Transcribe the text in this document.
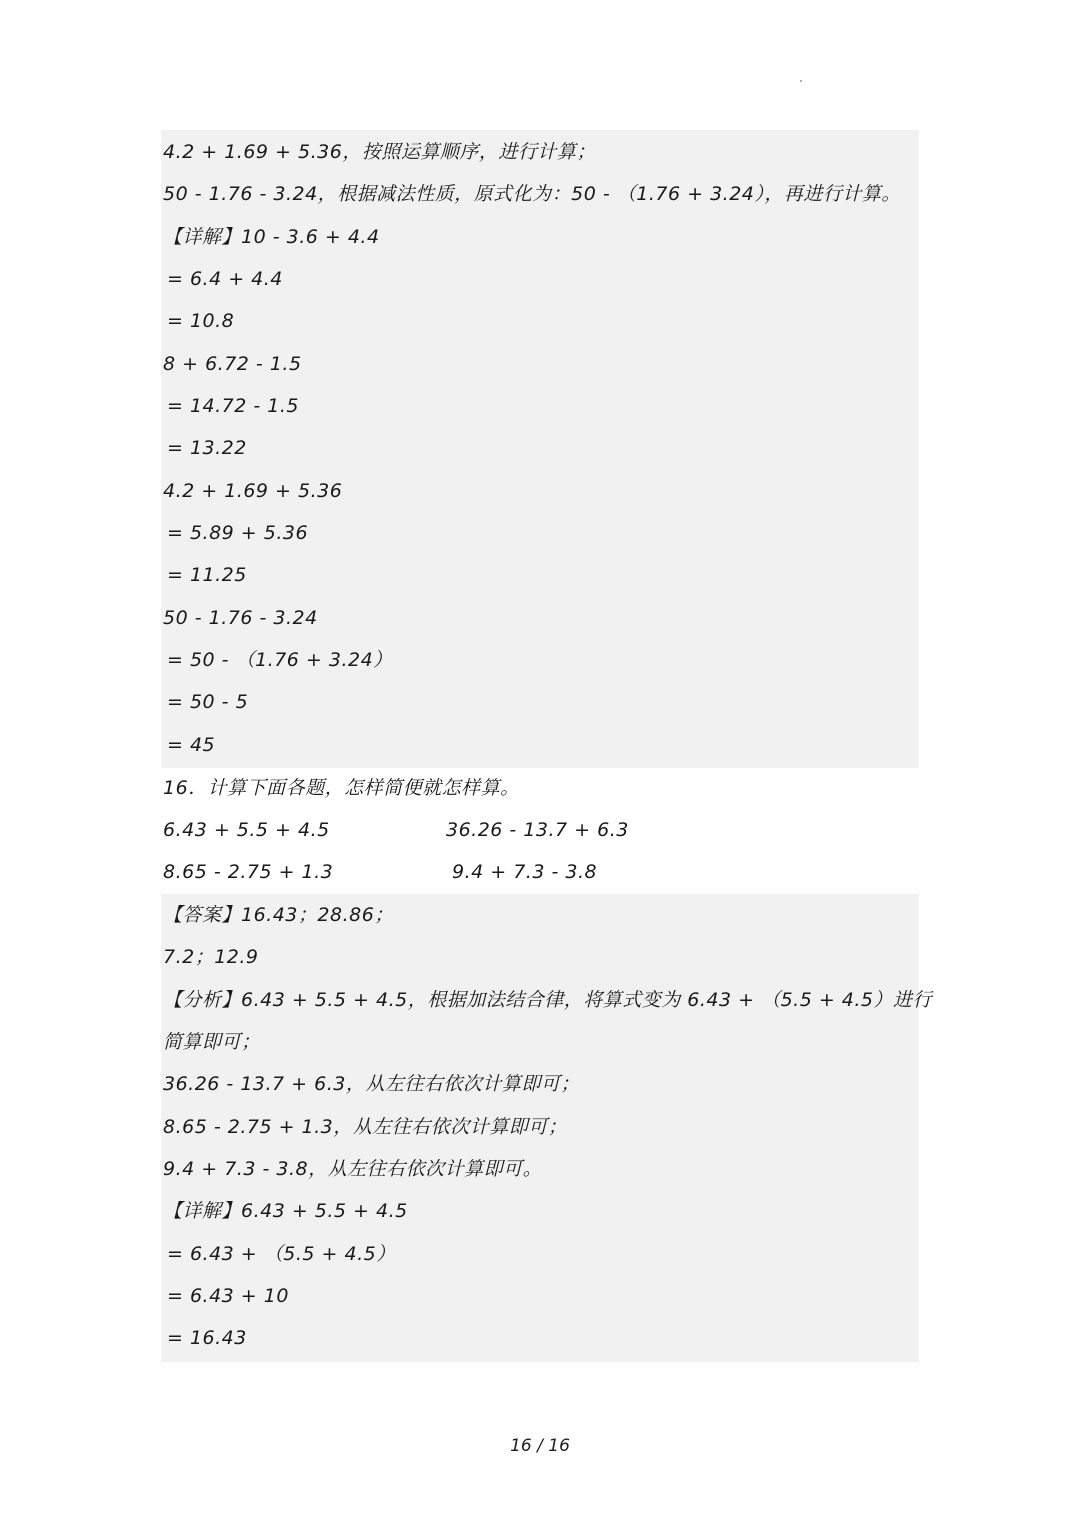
4.2 + 1.69 + 5.36，按照运算顺序，进行计算；
50 - 1.76 - 3.24，根据减法性质，原式化为：50 - （1.76 + 3.24），再进行计算。
【详解】10 - 3.6 + 4.4
= 6.4 + 4.4
= 10.8
8 + 6.72 - 1.5
= 14.72 - 1.5
= 13.22
4.2 + 1.69 + 5.36
= 5.89 + 5.36
= 11.25
50 - 1.76 - 3.24
= 50 - （1.76 + 3.24）
= 50 - 5
= 45
16．计算下面各题，怎样简便就怎样算。
6.43 + 5.5 + 4.5	36.26 - 13.7 + 6.3
8.65 - 2.75 + 1.3	9.4 + 7.3 - 3.8
【答案】16.43；28.86；
7.2；12.9
【分析】6.43 + 5.5 + 4.5，根据加法结合律，将算式变为 6.43 + （5.5 + 4.5）进行
简算即可；
36.26 - 13.7 + 6.3，从左往右依次计算即可；
8.65 - 2.75 + 1.3，从左往右依次计算即可；
9.4 + 7.3 - 3.8，从左往右依次计算即可。
【详解】6.43 + 5.5 + 4.5
= 6.43 + （5.5 + 4.5）
= 6.43 + 10
= 16.43
16 / 16
